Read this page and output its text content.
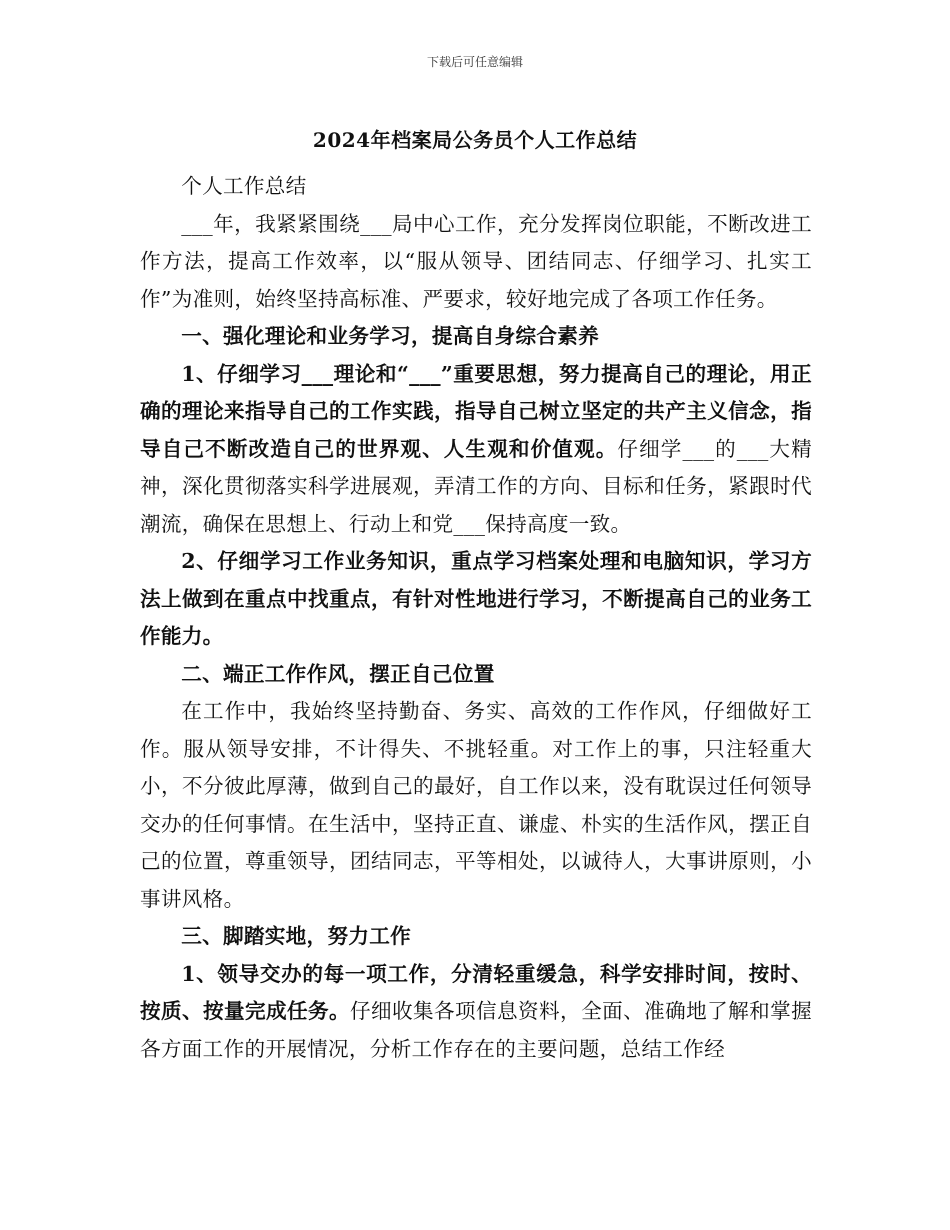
下载后可任意编辑
2024年档案局公务员个人工作总结

个人工作总结

___年，我紧紧围绕___局中心工作，充分发挥岗位职能，不断改进工作方法，提高工作效率，以“服从领导、团结同志、仔细学习、扎实工作”为准则，始终坚持高标准、严要求，较好地完成了各项工作任务。

一、强化理论和业务学习，提高自身综合素养

1、仔细学习___理论和“___”重要思想，努力提高自己的理论，用正确的理论来指导自己的工作实践，指导自己树立坚定的共产主义信念，指导自己不断改造自己的世界观、人生观和价值观。仔细学___的___大精神，深化贯彻落实科学进展观，弄清工作的方向、目标和任务，紧跟时代潮流，确保在思想上、行动上和党___保持高度一致。

2、仔细学习工作业务知识，重点学习档案处理和电脑知识，学习方法上做到在重点中找重点，有针对性地进行学习，不断提高自己的业务工作能力。

二、端正工作作风，摆正自己位置

在工作中，我始终坚持勤奋、务实、高效的工作作风，仔细做好工作。服从领导安排，不计得失、不挑轻重。对工作上的事，只注轻重大小，不分彼此厚薄，做到自己的最好，自工作以来，没有耽误过任何领导交办的任何事情。在生活中，坚持正直、谦虚、朴实的生活作风，摆正自己的位置，尊重领导，团结同志，平等相处，以诚待人，大事讲原则，小事讲风格。

三、脚踏实地，努力工作

1、领导交办的每一项工作，分清轻重缓急，科学安排时间，按时、按质、按量完成任务。仔细收集各项信息资料，全面、准确地了解和掌握各方面工作的开展情况，分析工作存在的主要问题，总结工作经
